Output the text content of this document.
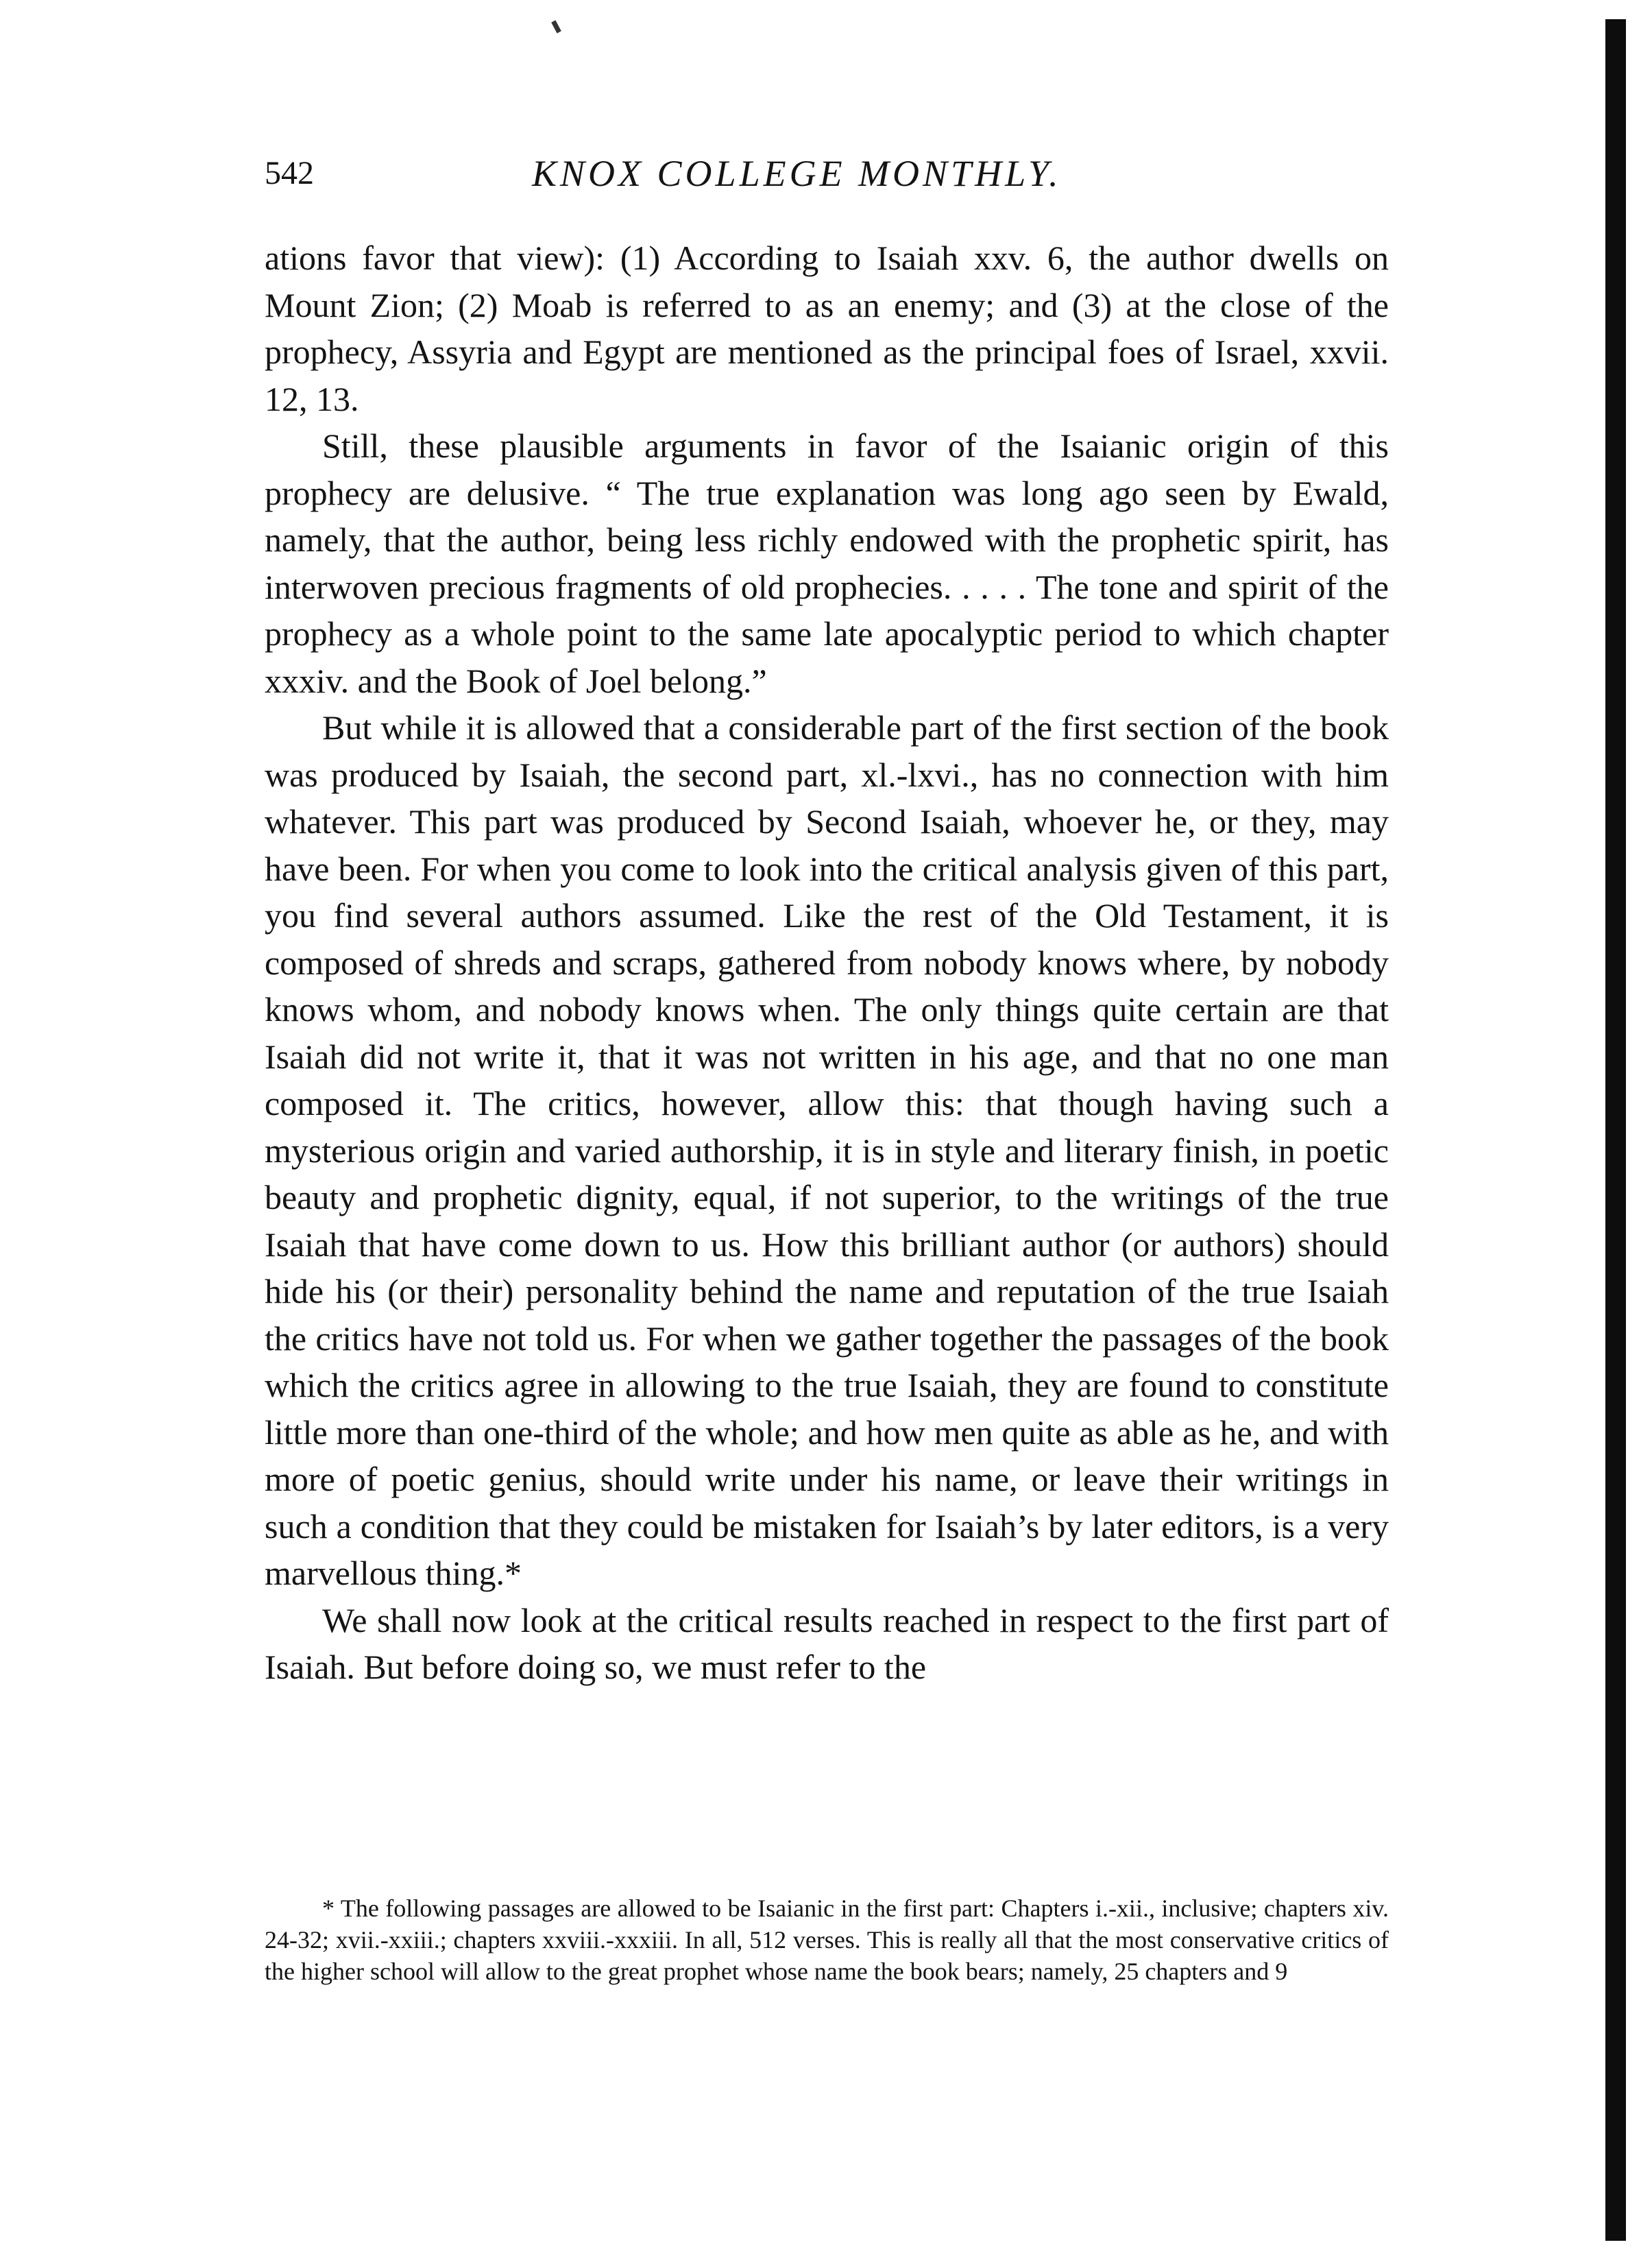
542	KNOX COLLEGE MONTHLY.

ations favor that view): (1) According to Isaiah xxv. 6, the author dwells on Mount Zion; (2) Moab is referred to as an enemy; and (3) at the close of the prophecy, Assyria and Egypt are mentioned as the principal foes of Israel, xxvii. 12, 13.

Still, these plausible arguments in favor of the Isaianic origin of this prophecy are delusive. “ The true explanation was long ago seen by Ewald, namely, that the author, being less richly endowed with the prophetic spirit, has interwoven precious fragments of old prophecies. . . . . The tone and spirit of the prophecy as a whole point to the same late apocalyptic period to which chapter xxxiv. and the Book of Joel belong.”

But while it is allowed that a considerable part of the first section of the book was produced by Isaiah, the second part, xl.-lxvi., has no connection with him whatever. This part was produced by Second Isaiah, whoever he, or they, may have been. For when you come to look into the critical analysis given of this part, you find several authors assumed. Like the rest of the Old Testament, it is composed of shreds and scraps, gathered from nobody knows where, by nobody knows whom, and nobody knows when. The only things quite certain are that Isaiah did not write it, that it was not written in his age, and that no one man composed it. The critics, however, allow this: that though having such a mysterious origin and varied authorship, it is in style and literary finish, in poetic beauty and prophetic dignity, equal, if not superior, to the writings of the true Isaiah that have come down to us. How this brilliant author (or authors) should hide his (or their) personality behind the name and reputation of the true Isaiah the critics have not told us. For when we gather together the passages of the book which the critics agree in allowing to the true Isaiah, they are found to constitute little more than one-third of the whole; and how men quite as able as he, and with more of poetic genius, should write under his name, or leave their writings in such a condition that they could be mistaken for Isaiah’s by later editors, is a very marvellous thing.*

We shall now look at the critical results reached in respect to the first part of Isaiah. But before doing so, we must refer to the

* The following passages are allowed to be Isaianic in the first part: Chapters i.-xii., inclusive; chapters xiv. 24-32; xvii.-xxiii.; chapters xxviii.-xxxiii. In all, 512 verses. This is really all that the most conservative critics of the higher school will allow to the great prophet whose name the book bears; namely, 25 chapters and 9
